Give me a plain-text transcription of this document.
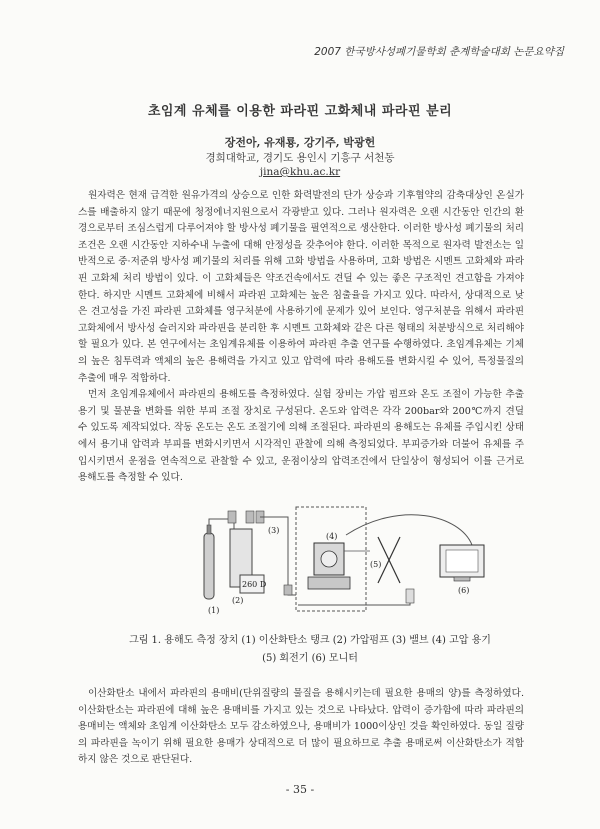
2007 한국방사성폐기물학회 춘계학술대회 논문요약집
초임계 유체를 이용한 파라핀 고화체내 파라핀 분리
장전아, 유재룡, 강기주, 박광헌
경희대학교, 경기도 용인시 기흥구 서천동
jina@khu.ac.kr

원자력은 현재 급격한 원유가격의 상승으로 인한 화력발전의 단가 상승과 기후협약의 감축대상인 온실가스를 배출하지 않기 때문에 청정에너지원으로서 각광받고 있다. 그러나 원자력은 오랜 시간동안 인간의 환경으로부터 조심스럽게 다루어져야 할 방사성 폐기물을 필연적으로 생산한다. 이러한 방사성 폐기물의 처리조건은 오랜 시간동안 지하수내 누출에 대해 안정성을 갖추어야 한다. 이러한 목적으로 원자력 발전소는 일반적으로 중·저준위 방사성 폐기물의 처리를 위해 고화 방법을 사용하며, 고화 방법은 시멘트 고화체와 파라핀 고화체 처리 방법이 있다. 이 고화체들은 약조건속에서도 견딜 수 있는 좋은 구조적인 견고함을 가져야 한다. 하지만 시멘트 고화체에 비해서 파라핀 고화체는 높은 침출율을 가지고 있다. 따라서, 상대적으로 낮은 견고성을 가진 파라핀 고화체를 영구처분에 사용하기에 문제가 있어 보인다. 영구처분을 위해서 파라핀 고화체에서 방사성 슬러지와 파라핀을 분리한 후 시멘트 고화체와 같은 다른 형태의 처분방식으로 처리해야 할 필요가 있다. 본 연구에서는 초임계유체를 이용하여 파라핀 추출 연구를 수행하였다. 초임계유체는 기체의 높은 침투력과 액체의 높은 용해력을 가지고 있고 압력에 따라 용해도를 변화시킬 수 있어, 특정물질의 추출에 매우 적합하다.

먼저 초임계유체에서 파라핀의 용해도를 측정하였다. 실험 장비는 가압 펌프와 온도 조절이 가능한 추출 용기 및 물분율 변화를 위한 부피 조절 장치로 구성된다. 온도와 압력은 각각 200bar와 200℃까지 견딜 수 있도록 제작되었다. 작동 온도는 온도 조절기에 의해 조절된다. 파라핀의 용해도는 유체를 주입시킨 상태에서 용기내 압력과 부피를 변화시키면서 시각적인 관찰에 의해 측정되었다. 부피증가와 더불어 유체를 주입시키면서 운점을 연속적으로 관찰할 수 있고, 운점이상의 압력조건에서 단일상이 형성되어 이를 근거로 용해도를 측정할 수 있다.

260 D
(1)
(2)
(3)
(4)
(5)
(6)
그림 1. 용해도 측정 장치 (1) 이산화탄소 탱크 (2) 가압펌프 (3) 밸브 (4) 고압 용기
(5) 회전기 (6) 모니터

이산화탄소 내에서 파라핀의 용매비(단위질량의 물질을 용해시키는데 필요한 용매의 양)를 측정하였다. 이산화탄소는 파라핀에 대해 높은 용매비를 가지고 있는 것으로 나타났다. 압력이 증가함에 따라 파라핀의 용매비는 액체와 초임계 이산화탄소 모두 감소하였으나, 용매비가 1000이상인 것을 확인하였다. 동일 질량의 파라핀을 녹이기 위해 필요한 용매가 상대적으로 더 많이 필요하므로 추출 용매로써 이산화탄소가 적합하지 않은 것으로 판단된다.

- 35 -
